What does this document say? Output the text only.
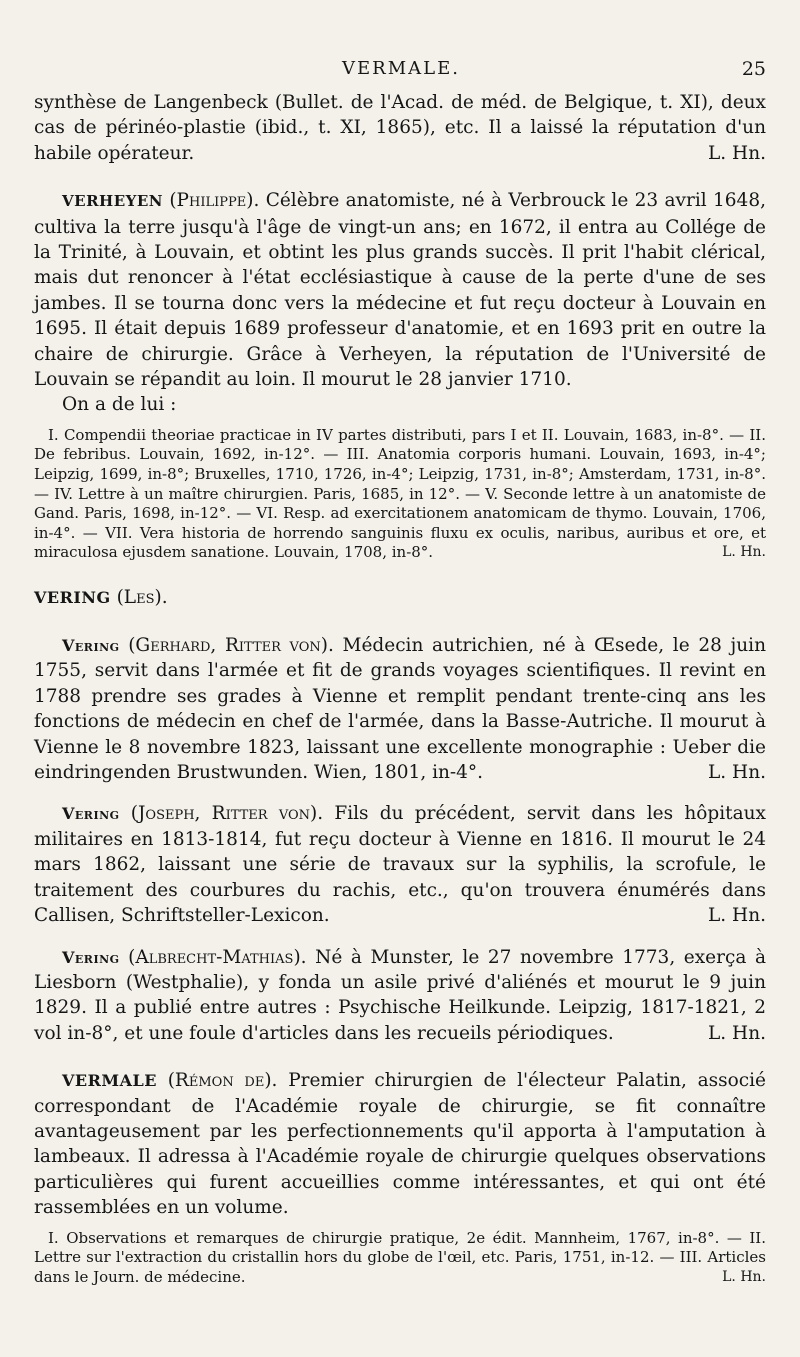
VERMALE.	25

synthèse de Langenbeck (Bullet. de l'Acad. de méd. de Belgique, t. XI), deux cas de périnéo-plastie (ibid., t. XI, 1865), etc. Il a laissé la réputation d'un habile opérateur.	L. Hn.

VERHEYEN (Philippe). Célèbre anatomiste, né à Verbrouck le 23 avril 1648, cultiva la terre jusqu'à l'âge de vingt-un ans; en 1672, il entra au Collége de la Trinité, à Louvain, et obtint les plus grands succès. Il prit l'habit clérical, mais dut renoncer à l'état ecclésiastique à cause de la perte d'une de ses jambes. Il se tourna donc vers la médecine et fut reçu docteur à Louvain en 1695. Il était depuis 1689 professeur d'anatomie, et en 1693 prit en outre la chaire de chirurgie. Grâce à Verheyen, la réputation de l'Université de Louvain se répandit au loin. Il mourut le 28 janvier 1710.

On a de lui :

I. Compendii theoriae practicae in IV partes distributi, pars I et II. Louvain, 1683, in-8°. — II. De febribus. Louvain, 1692, in-12°. — III. Anatomia corporis humani. Louvain, 1693, in-4°; Leipzig, 1699, in-8°; Bruxelles, 1710, 1726, in-4°; Leipzig, 1731, in-8°; Amsterdam, 1731, in-8°. — IV. Lettre à un maître chirurgien. Paris, 1685, in 12°. — V. Seconde lettre à un anatomiste de Gand. Paris, 1698, in-12°. — VI. Resp. ad exercitationem anatomicam de thymo. Louvain, 1706, in-4°. — VII. Vera historia de horrendo sanguinis fluxu ex oculis, naribus, auribus et ore, et miraculosa ejusdem sanatione. Louvain, 1708, in-8°.	L. Hn.

VERING (Les).

Vering (Gerhard, Ritter von). Médecin autrichien, né à Œsede, le 28 juin 1755, servit dans l'armée et fit de grands voyages scientifiques. Il revint en 1788 prendre ses grades à Vienne et remplit pendant trente-cinq ans les fonctions de médecin en chef de l'armée, dans la Basse-Autriche. Il mourut à Vienne le 8 novembre 1823, laissant une excellente monographie : Ueber die eindringenden Brustwunden. Wien, 1801, in-4°.	L. Hn.

Vering (Joseph, Ritter von). Fils du précédent, servit dans les hôpitaux militaires en 1813-1814, fut reçu docteur à Vienne en 1816. Il mourut le 24 mars 1862, laissant une série de travaux sur la syphilis, la scrofule, le traitement des courbures du rachis, etc., qu'on trouvera énumérés dans Callisen, Schriftsteller-Lexicon.	L. Hn.

Vering (Albrecht-Mathias). Né à Munster, le 27 novembre 1773, exerça à Liesborn (Westphalie), y fonda un asile privé d'aliénés et mourut le 9 juin 1829. Il a publié entre autres : Psychische Heilkunde. Leipzig, 1817-1821, 2 vol in-8°, et une foule d'articles dans les recueils périodiques.	L. Hn.

VERMALE (Rémon de). Premier chirurgien de l'électeur Palatin, associé correspondant de l'Académie royale de chirurgie, se fit connaître avantageusement par les perfectionnements qu'il apporta à l'amputation à lambeaux. Il adressa à l'Académie royale de chirurgie quelques observations particulières qui furent accueillies comme intéressantes, et qui ont été rassemblées en un volume.

I. Observations et remarques de chirurgie pratique, 2e édit. Mannheim, 1767, in-8°. — II. Lettre sur l'extraction du cristallin hors du globe de l'œil, etc. Paris, 1751, in-12. — III. Articles dans le Journ. de médecine.	L. Hn.
